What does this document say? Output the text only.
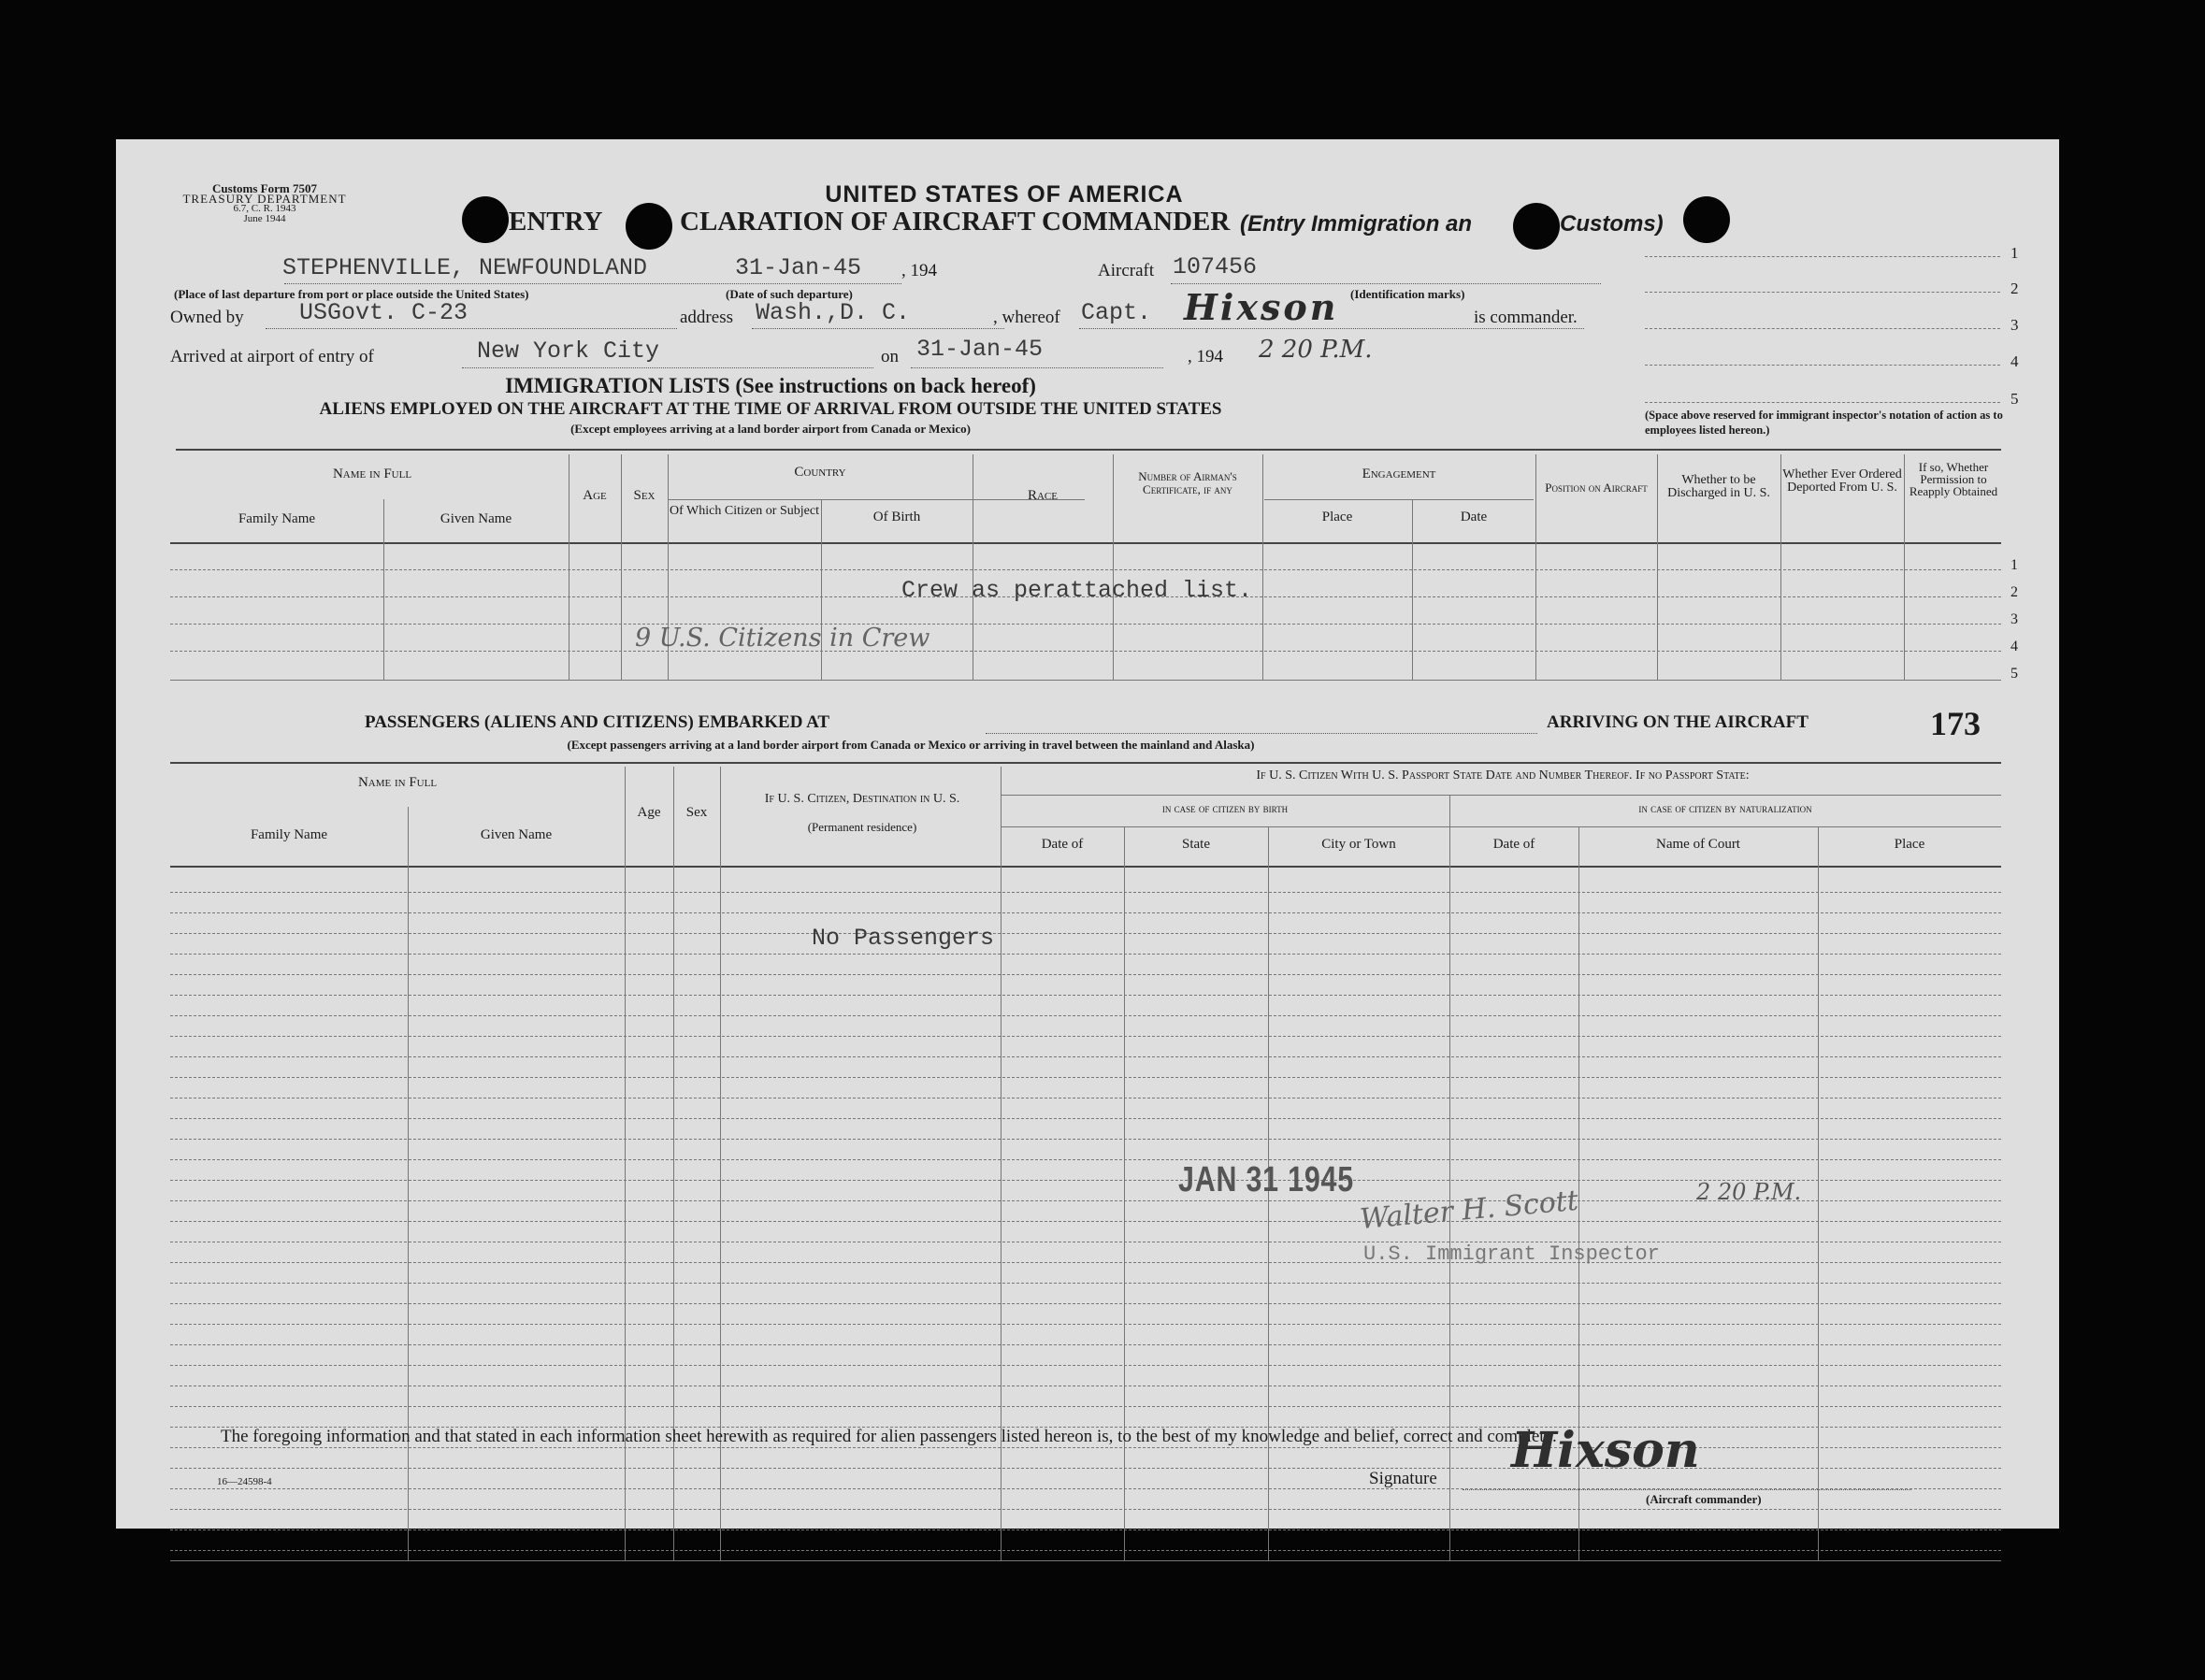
Customs Form 7507
TREASURY DEPARTMENT
6.7, C. R. 1943
June 1944
UNITED STATES OF AMERICA
ENTRY	CLARATION OF AIRCRAFT COMMANDER (Entry Immigration an	Customs)
1
2
3
4
5
(Space above reserved for immigrant inspector's notation of action as to employees listed hereon.)
STEPHENVILLE, NEWFOUNDLAND	31-Jan-45 , 194	Aircraft 107456
(Place of last departure from port or place outside the United States)	(Date of such departure)	(Identification marks)
Owned by USGovt. C-23	address Wash.,D. C.	, whereof Capt. Hixson	is commander.
Arrived at airport of entry of	New York City	on 31-Jan-45	, 194 2 20 P.M.
IMMIGRATION LISTS (See instructions on back hereof)
ALIENS EMPLOYED ON THE AIRCRAFT AT THE TIME OF ARRIVAL FROM OUTSIDE THE UNITED STATES
(Except employees arriving at a land border airport from Canada or Mexico)
Name in Full
Family Name	Given Name
Age	Sex
Country
Of Which Citizen or Subject	Of Birth
Race
Number of Airman's Certificate, if any
Engagement
Place	Date
Position on Aircraft
Whether to be Discharged in U. S.
Whether Ever Ordered Deported From U. S.
If so, Whether Permission to Reapply Obtained
1
2
3
4
5
Crew as perattached list.
9 U.S. Citizens in Crew
PASSENGERS (ALIENS AND CITIZENS) EMBARKED AT	ARRIVING ON THE AIRCRAFT
(Except passengers arriving at a land border airport from Canada or Mexico or arriving in travel between the mainland and Alaska)
173
Name in Full
Family Name	Given Name
Age	Sex
If U. S. Citizen, Destination in U. S.
(Permanent residence)
If U. S. Citizen With U. S. Passport State Date and Number Thereof. If no Passport State:
in case of citizen by birth	in case of citizen by naturalization
Date of	State	City or Town	Date of	Name of Court	Place
No Passengers
JAN 31 1945
Walter H. Scott	2 20 P.M.
U.S. Immigrant Inspector
The foregoing information and that stated in each information sheet herewith as required for alien passengers listed hereon is, to the best of my knowledge and belief, correct and complete.
16—24598-4	Signature Hixson
(Aircraft commander)
